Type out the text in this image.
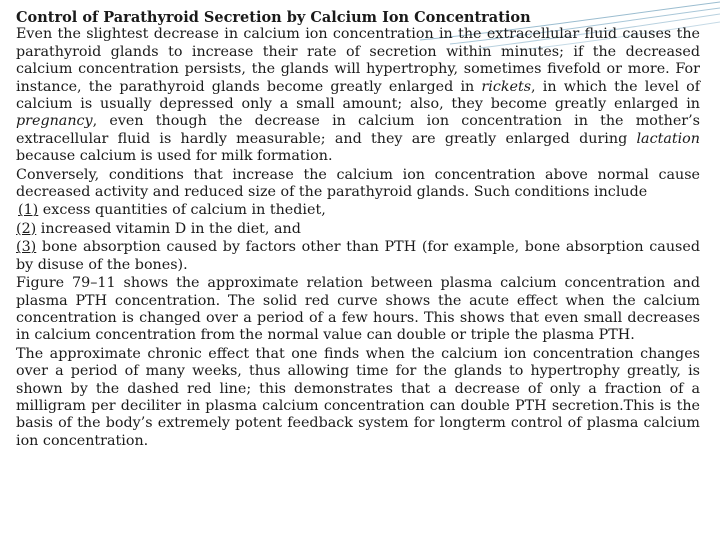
Control of Parathyroid Secretion by Calcium Ion Concentration

Even the slightest decrease in calcium ion concentration in the extracellular fluid causes the parathyroid glands to increase their rate of secretion within minutes; if the decreased calcium concentration persists, the glands will hypertrophy, sometimes fivefold or more. For instance, the parathyroid glands become greatly enlarged in rickets, in which the level of calcium is usually depressed only a small amount; also, they become greatly enlarged in pregnancy, even though the decrease in calcium ion concentration in the mother’s extracellular fluid is hardly measurable; and they are greatly enlarged during lactation because calcium is used for milk formation.

Conversely, conditions that increase the calcium ion concentration above normal cause decreased activity and reduced size of the parathyroid glands. Such conditions include

(1) excess quantities of calcium in thediet,

(2) increased vitamin D in the diet, and

(3) bone absorption caused by factors other than PTH (for example, bone absorption caused by disuse of the bones).

Figure 79–11 shows the approximate relation between plasma calcium concentration and plasma PTH concentration. The solid red curve shows the acute effect when the calcium concentration is changed over a period of a few hours. This shows that even small decreases in calcium concentration from the normal value can double or triple the plasma PTH.

The approximate chronic effect that one finds when the calcium ion concentration changes over a period of many weeks, thus allowing time for the glands to hypertrophy greatly, is shown by the dashed red line; this demonstrates that a decrease of only a fraction of a milligram per deciliter in plasma calcium concentration can double PTH secretion.This is the basis of the body’s extremely potent feedback system for longterm control of plasma calcium ion concentration.
